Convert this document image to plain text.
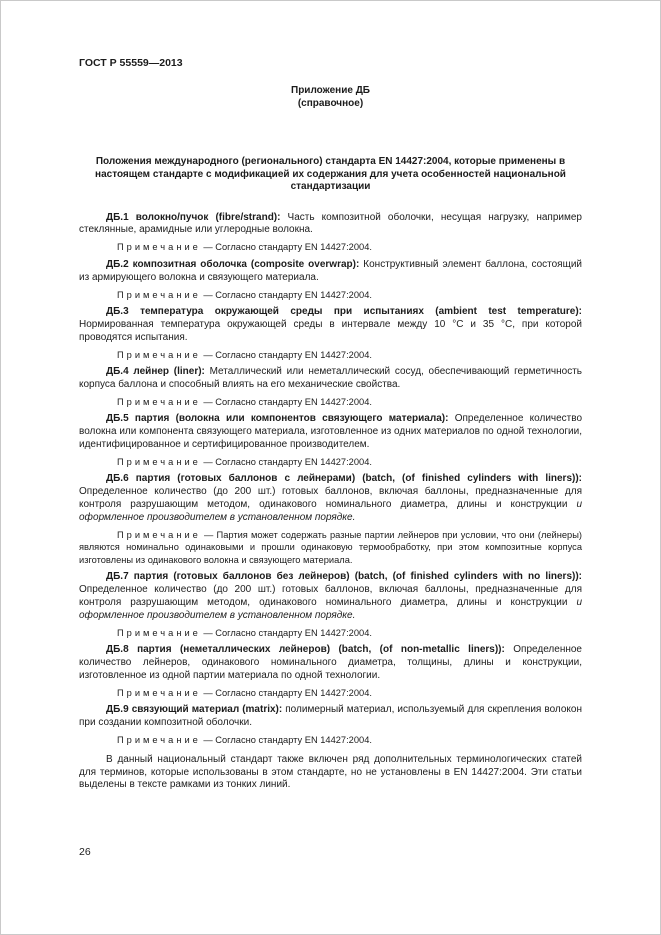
ГОСТ Р 55559—2013
Приложение ДБ
(справочное)
Положения международного (регионального) стандарта EN 14427:2004, которые применены в настоящем стандарте с модификацией их содержания для учета особенностей национальной стандартизации

ДБ.1 волокно/пучок (fibre/strand): Часть композитной оболочки, несущая нагрузку, например стеклянные, арамидные или углеродные волокна.

Примечание — Согласно стандарту EN 14427:2004.

ДБ.2 композитная оболочка (composite overwrap): Конструктивный элемент баллона, состоящий из армирующего волокна и связующего материала.

Примечание — Согласно стандарту EN 14427:2004.

ДБ.3 температура окружающей среды при испытаниях (ambient test temperature): Нормированная температура окружающей среды в интервале между 10 °С и 35 °С, при которой проводятся испытания.

Примечание — Согласно стандарту EN 14427:2004.

ДБ.4 лейнер (liner): Металлический или неметаллический сосуд, обеспечивающий герметичность корпуса баллона и способный влиять на его механические свойства.

Примечание — Согласно стандарту EN 14427:2004.

ДБ.5 партия (волокна или компонентов связующего материала): Определенное количество волокна или компонента связующего материала, изготовленное из одних материалов по одной технологии, идентифицированное и сертифицированное производителем.

Примечание — Согласно стандарту EN 14427:2004.

ДБ.6 партия (готовых баллонов с лейнерами) (batch, (of finished cylinders with liners)): Определенное количество (до 200 шт.) готовых баллонов, включая баллоны, предназначенные для контроля разрушающим методом, одинакового номинального диаметра, длины и конструкции и оформленное производителем в установленном порядке.

Примечание — Партия может содержать разные партии лейнеров при условии, что они (лейнеры) являются номинально одинаковыми и прошли одинаковую термообработку, при этом композитные корпуса изготовлены из одинакового волокна и связующего материала.

ДБ.7 партия (готовых баллонов без лейнеров) (batch, (of finished cylinders with no liners)): Определенное количество (до 200 шт.) готовых баллонов, включая баллоны, предназначенные для контроля разрушающим методом, одинакового номинального диаметра, длины и конструкции и оформленное производителем в установленном порядке.

Примечание — Согласно стандарту EN 14427:2004.

ДБ.8 партия (неметаллических лейнеров) (batch, (of non-metallic liners)): Определенное количество лейнеров, одинакового номинального диаметра, толщины, длины и конструкции, изготовленное из одной партии материала по одной технологии.

Примечание — Согласно стандарту EN 14427:2004.

ДБ.9 связующий материал (matrix): полимерный материал, используемый для скрепления волокон при создании композитной оболочки.

Примечание — Согласно стандарту EN 14427:2004.

В данный национальный стандарт также включен ряд дополнительных терминологических статей для терминов, которые использованы в этом стандарте, но не установлены в EN 14427:2004. Эти статьи выделены в тексте рамками из тонких линий.

26
